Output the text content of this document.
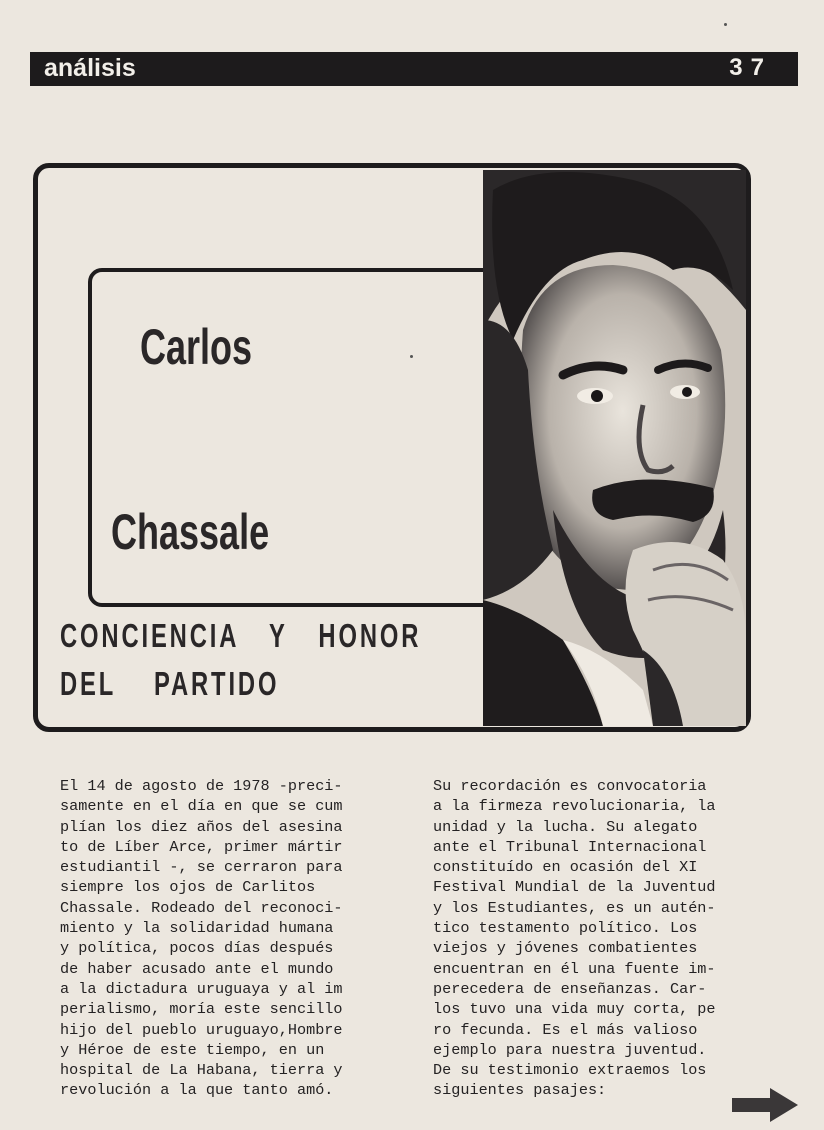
análisis	37
Carlos
Chassale
CONCIENCIA Y HONOR
DEL PARTIDO
El 14 de agosto de 1978 -preci-
samente en el día en que se cum
plían los diez años del asesina
to de Líber Arce, primer mártir
estudiantil -, se cerraron para
siempre los ojos de Carlitos
Chassale. Rodeado del reconoci-
miento y la solidaridad humana
y política, pocos días después
de haber acusado ante el mundo
a la dictadura uruguaya y al im
perialismo, moría este sencillo
hijo del pueblo uruguayo,Hombre
y Héroe de este tiempo, en un
hospital de La Habana, tierra y
revolución a la que tanto amó.
Su recordación es convocatoria
a la firmeza revolucionaria, la
unidad y la lucha. Su alegato
ante el Tribunal Internacional
constituído en ocasión del XI
Festival Mundial de la Juventud
y los Estudiantes, es un autén-
tico testamento político. Los
viejos y jóvenes combatientes
encuentran en él una fuente im-
perecedera de enseñanzas. Car-
los tuvo una vida muy corta, pe
ro fecunda. Es el más valioso
ejemplo para nuestra juventud.
De su testimonio extraemos los
siguientes pasajes:
